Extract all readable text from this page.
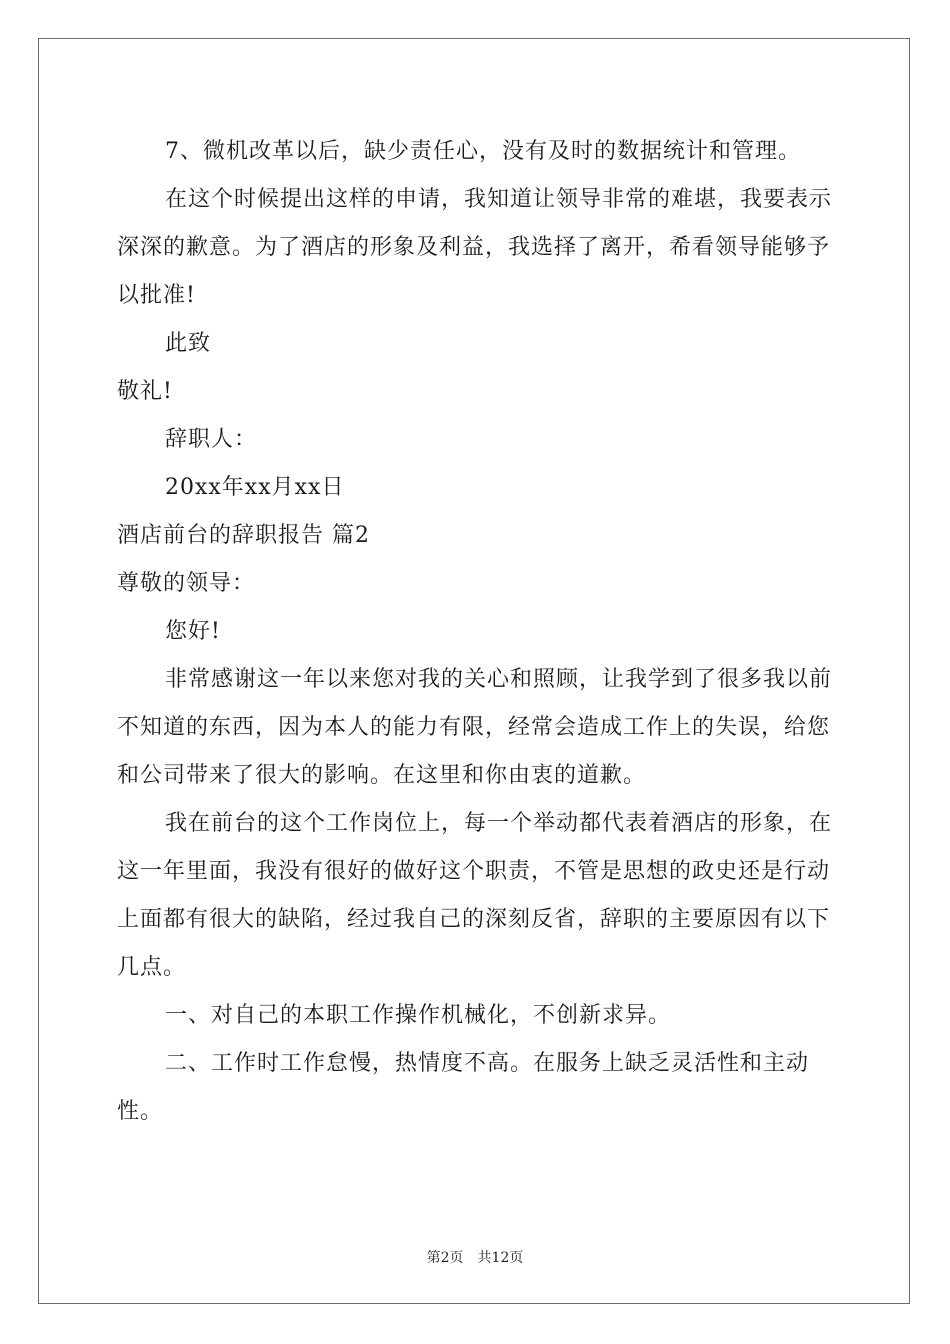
7、微机改革以后，缺少责任心，没有及时的数据统计和管理。

在这个时候提出这样的申请，我知道让领导非常的难堪，我要表示深深的歉意。为了酒店的形象及利益，我选择了离开，希看领导能够予以批准!

此致

敬礼!

辞职人：

20xx年xx月xx日

酒店前台的辞职报告 篇2

尊敬的领导：

您好!

非常感谢这一年以来您对我的关心和照顾，让我学到了很多我以前不知道的东西，因为本人的能力有限，经常会造成工作上的失误，给您和公司带来了很大的影响。在这里和你由衷的道歉。

我在前台的这个工作岗位上，每一个举动都代表着酒店的形象，在这一年里面，我没有很好的做好这个职责，不管是思想的政史还是行动上面都有很大的缺陷，经过我自己的深刻反省，辞职的主要原因有以下几点。

一、对自己的本职工作操作机械化，不创新求异。

二、工作时工作怠慢，热情度不高。在服务上缺乏灵活性和主动性。

第2页 共12页
